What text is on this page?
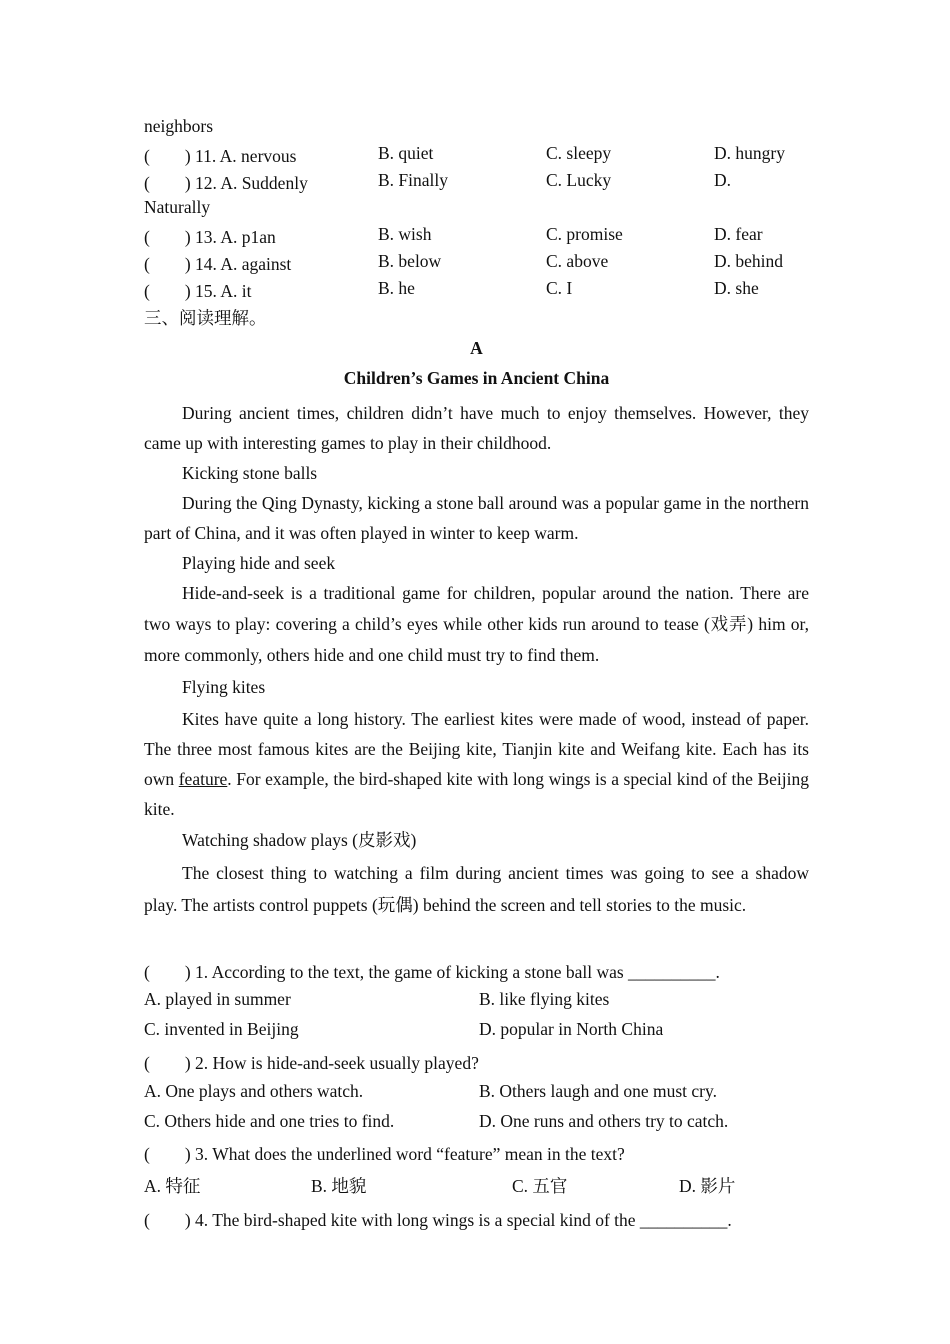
neighbors
(　　) 11. A. nervous	B. quiet	C. sleepy	D. hungry
(　　) 12. A. Suddenly	B. Finally	C. Lucky	D.
Naturally
(　　) 13. A. p1an	B. wish	C. promise	D. fear
(　　) 14. A. against	B. below	C. above	D. behind
(　　) 15. A. it	B. he	C. I	D. she
三、阅读理解。
A
Children’s Games in Ancient China

During ancient times, children didn’t have much to enjoy themselves. However, they came up with interesting games to play in their childhood.

Kicking stone balls

During the Qing Dynasty, kicking a stone ball around was a popular game in the northern part of China, and it was often played in winter to keep warm.

Playing hide and seek

Hide-and-seek is a traditional game for children, popular around the nation. There are two ways to play: covering a child’s eyes while other kids run around to tease (戏弄) him or, more commonly, others hide and one child must try to find them.

Flying kites

Kites have quite a long history. The earliest kites were made of wood, instead of paper. The three most famous kites are the Beijing kite, Tianjin kite and Weifang kite. Each has its own feature. For example, the bird-shaped kite with long wings is a special kind of the Beijing kite.

Watching shadow plays (皮影戏)

The closest thing to watching a film during ancient times was going to see a shadow play. The artists control puppets (玩偶) behind the screen and tell stories to the music.

(　　) 1. According to the text, the game of kicking a stone ball was __________.
A. played in summer	B. like flying kites
C. invented in Beijing	D. popular in North China
(　　) 2. How is hide-and-seek usually played?
A. One plays and others watch.	B. Others laugh and one must cry.
C. Others hide and one tries to find.	D. One runs and others try to catch.
(　　) 3. What does the underlined word “feature” mean in the text?
A. 特征	B. 地貌	C. 五官	D. 影片
(　　) 4. The bird-shaped kite with long wings is a special kind of the __________.
